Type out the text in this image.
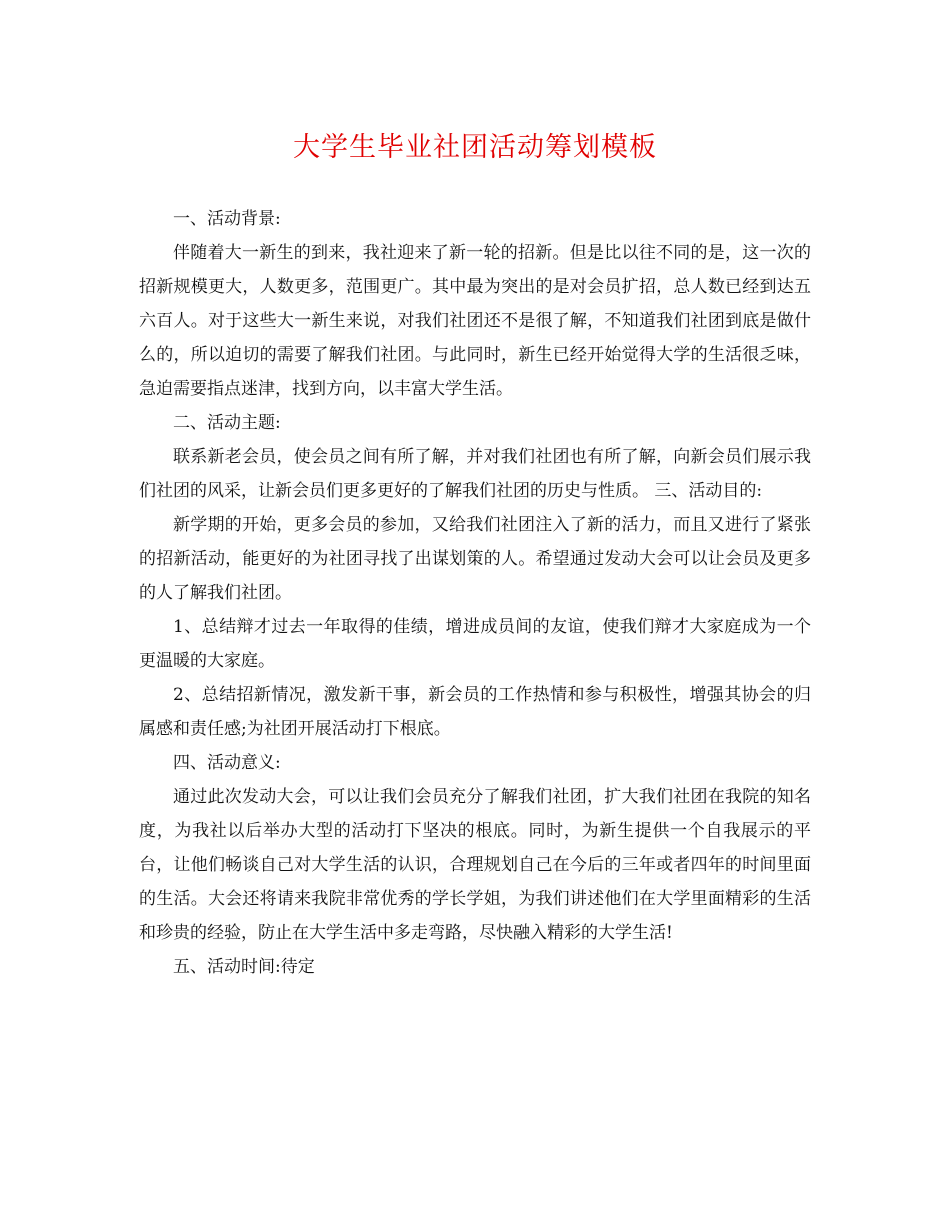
大学生毕业社团活动筹划模板

一、活动背景:

伴随着大一新生的到来，我社迎来了新一轮的招新。但是比以往不同的是，这一次的招新规模更大，人数更多，范围更广。其中最为突出的是对会员扩招，总人数已经到达五六百人。对于这些大一新生来说，对我们社团还不是很了解，不知道我们社团到底是做什么的，所以迫切的需要了解我们社团。与此同时，新生已经开始觉得大学的生活很乏味，急迫需要指点迷津，找到方向，以丰富大学生活。

二、活动主题:

联系新老会员，使会员之间有所了解，并对我们社团也有所了解，向新会员们展示我们社团的风采，让新会员们更多更好的了解我们社团的历史与性质。 三、活动目的:

新学期的开始，更多会员的参加，又给我们社团注入了新的活力，而且又进行了紧张的招新活动，能更好的为社团寻找了出谋划策的人。希望通过发动大会可以让会员及更多的人了解我们社团。

1、总结辩才过去一年取得的佳绩，增进成员间的友谊，使我们辩才大家庭成为一个更温暖的大家庭。

2、总结招新情况，激发新干事，新会员的工作热情和参与积极性，增强其协会的归属感和责任感;为社团开展活动打下根底。

四、活动意义:

通过此次发动大会，可以让我们会员充分了解我们社团，扩大我们社团在我院的知名度，为我社以后举办大型的活动打下坚决的根底。同时，为新生提供一个自我展示的平台，让他们畅谈自己对大学生活的认识，合理规划自己在今后的三年或者四年的时间里面的生活。大会还将请来我院非常优秀的学长学姐，为我们讲述他们在大学里面精彩的生活和珍贵的经验，防止在大学生活中多走弯路，尽快融入精彩的大学生活!

五、活动时间:待定
